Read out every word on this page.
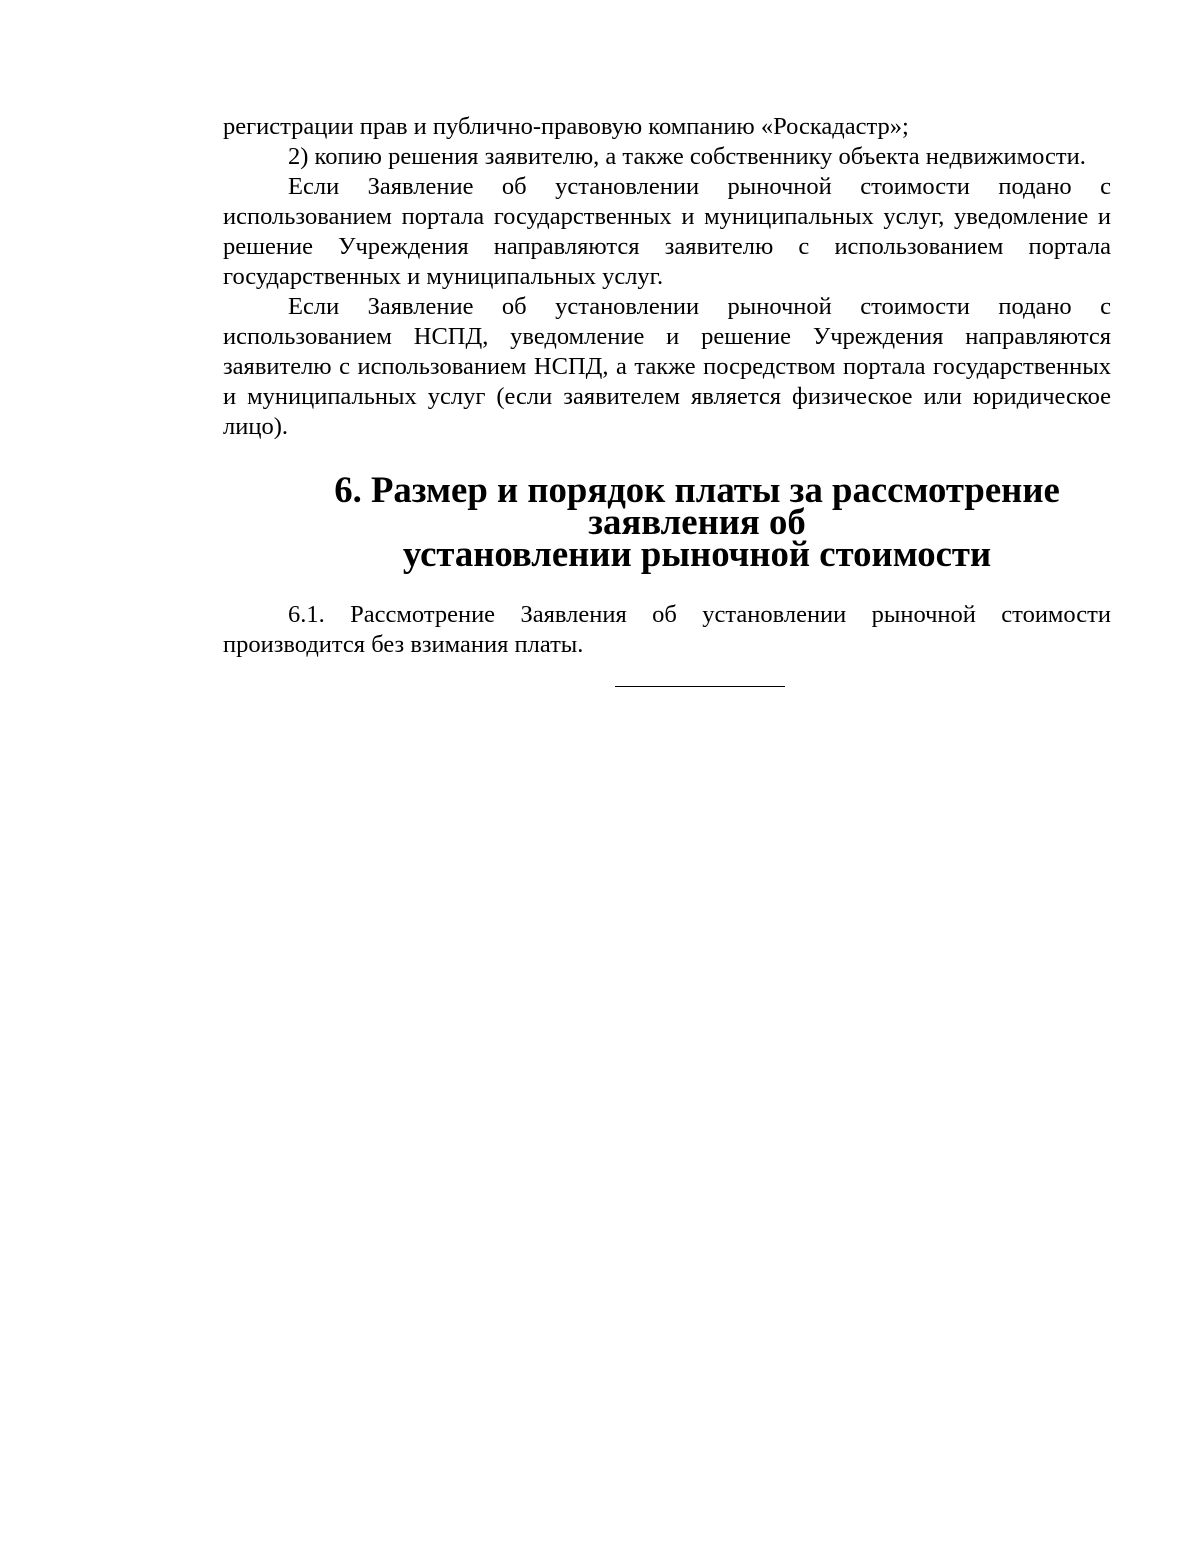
регистрации прав и публично-правовую компанию «Роскадастр»;

2) копию решения заявителю, а также собственнику объекта недвижимости.

Если Заявление об установлении рыночной стоимости подано с использованием портала государственных и муниципальных услуг, уведомление и решение Учреждения направляются заявителю с использованием портала государственных и муниципальных услуг.

Если Заявление об установлении рыночной стоимости подано с использованием НСПД, уведомление и решение Учреждения направляются заявителю с использованием НСПД, а также посредством портала государственных и муниципальных услуг (если заявителем является физическое или юридическое лицо).

6. Размер и порядок платы за рассмотрение заявления об
установлении рыночной стоимости

6.1. Рассмотрение Заявления об установлении рыночной стоимости производится без взимания платы.
